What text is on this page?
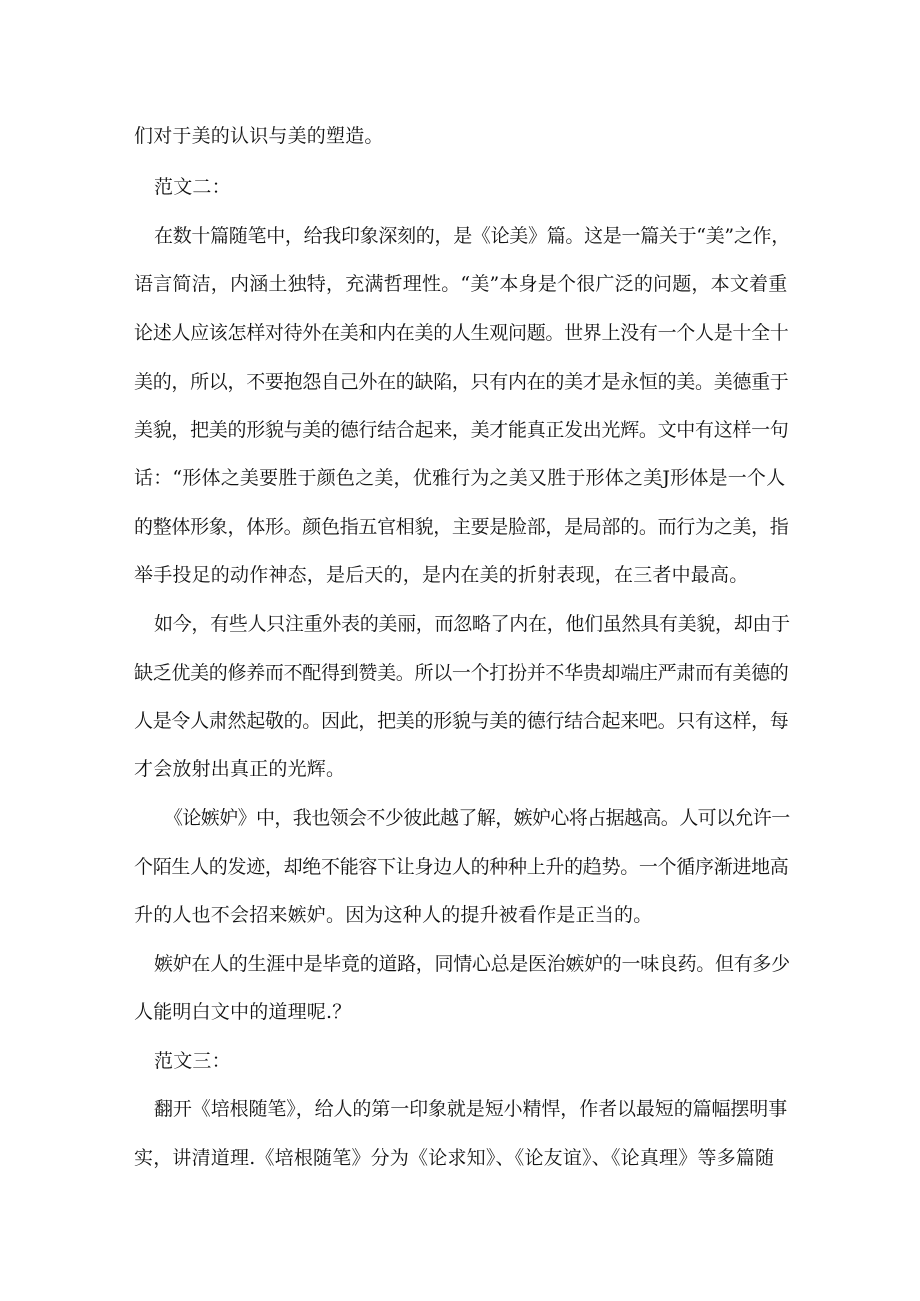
们对于美的认识与美的塑造。
范文二：
在数十篇随笔中，给我印象深刻的，是《论美》篇。这是一篇关于“美”之作，
语言简洁，内涵土独特，充满哲理性。“美”本身是个很广泛的问题，本文着重
论述人应该怎样对待外在美和内在美的人生观问题。世界上没有一个人是十全十
美的，所以，不要抱怨自己外在的缺陷，只有内在的美才是永恒的美。美德重于
美貌，把美的形貌与美的德行结合起来，美才能真正发出光辉。文中有这样一句
话：“形体之美要胜于颜色之美，优雅行为之美又胜于形体之美J形体是一个人
的整体形象，体形。颜色指五官相貌，主要是脸部，是局部的。而行为之美，指
举手投足的动作神态，是后天的，是内在美的折射表现，在三者中最高。
如今，有些人只注重外表的美丽，而忽略了内在，他们虽然具有美貌，却由于
缺乏优美的修养而不配得到赞美。所以一个打扮并不华贵却端庄严肃而有美德的
人是令人肃然起敬的。因此，把美的形貌与美的德行结合起来吧。只有这样，每
才会放射出真正的光辉。
《论嫉妒》中，我也领会不少彼此越了解，嫉妒心将占据越高。人可以允许一
个陌生人的发迹，却绝不能容下让身边人的种种上升的趋势。一个循序渐进地高
升的人也不会招来嫉妒。因为这种人的提升被看作是正当的。
嫉妒在人的生涯中是毕竟的道路，同情心总是医治嫉妒的一味良药。但有多少
人能明白文中的道理呢.？
范文三：
翻开《培根随笔》，给人的第一印象就是短小精悍，作者以最短的篇幅摆明事
实，讲清道理.《培根随笔》分为《论求知》、《论友谊》、《论真理》等多篇随
